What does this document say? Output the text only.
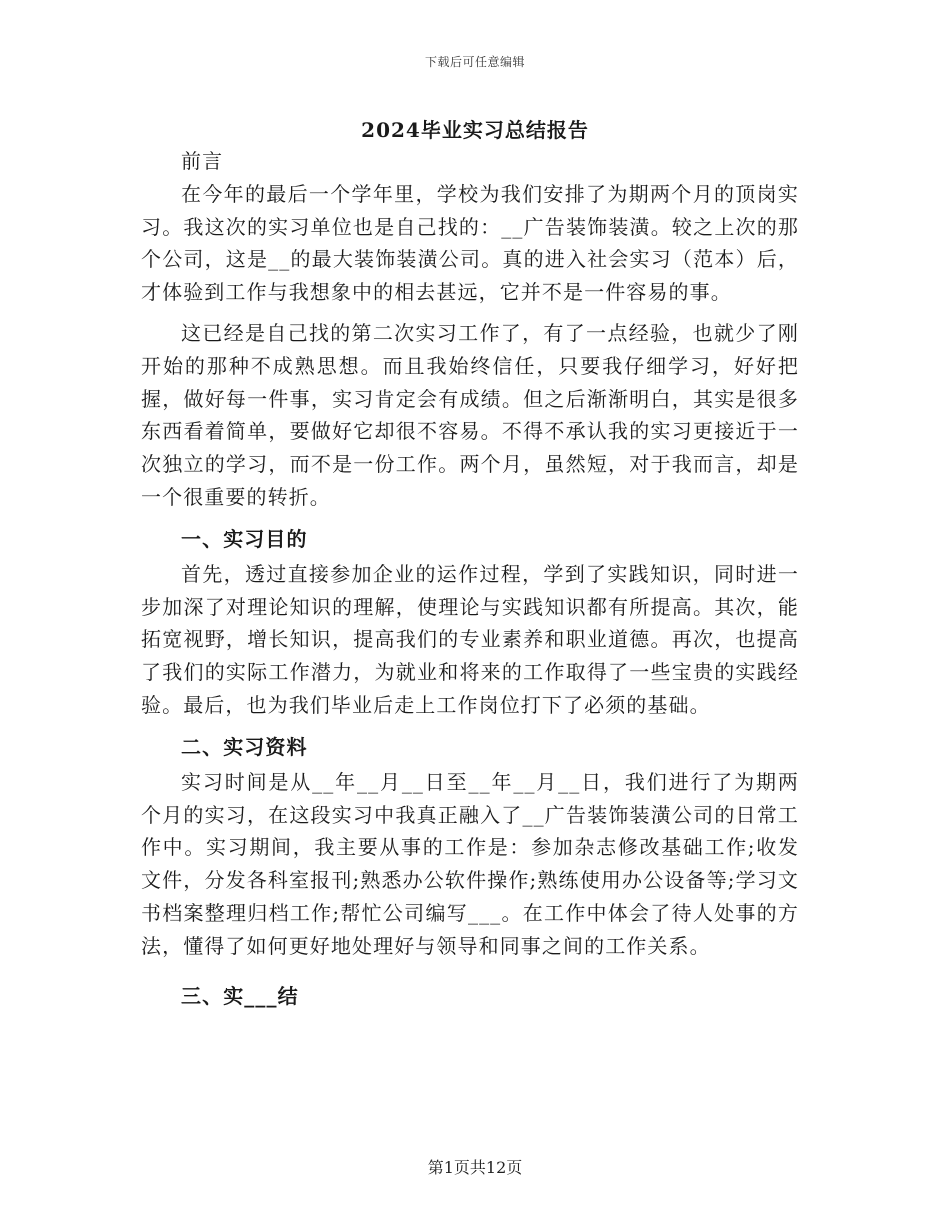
下载后可任意编辑
2024毕业实习总结报告

前言

在今年的最后一个学年里，学校为我们安排了为期两个月的顶岗实习。我这次的实习单位也是自己找的：__广告装饰装潢。较之上次的那个公司，这是__的最大装饰装潢公司。真的进入社会实习（范本）后，才体验到工作与我想象中的相去甚远，它并不是一件容易的事。

这已经是自己找的第二次实习工作了，有了一点经验，也就少了刚开始的那种不成熟思想。而且我始终信任，只要我仔细学习，好好把握，做好每一件事，实习肯定会有成绩。但之后渐渐明白，其实是很多东西看着简单，要做好它却很不容易。不得不承认我的实习更接近于一次独立的学习，而不是一份工作。两个月，虽然短，对于我而言，却是一个很重要的转折。

一、实习目的

首先，透过直接参加企业的运作过程，学到了实践知识，同时进一步加深了对理论知识的理解，使理论与实践知识都有所提高。其次，能拓宽视野，增长知识，提高我们的专业素养和职业道德。再次，也提高了我们的实际工作潜力，为就业和将来的工作取得了一些宝贵的实践经验。最后，也为我们毕业后走上工作岗位打下了必须的基础。

二、实习资料

实习时间是从__年__月__日至__年__月__日，我们进行了为期两个月的实习，在这段实习中我真正融入了__广告装饰装潢公司的日常工作中。实习期间，我主要从事的工作是：参加杂志修改基础工作;收发文件，分发各科室报刊;熟悉办公软件操作;熟练使用办公设备等;学习文书档案整理归档工作;帮忙公司编写___。在工作中体会了待人处事的方法，懂得了如何更好地处理好与领导和同事之间的工作关系。

三、实___结
第1页共12页
